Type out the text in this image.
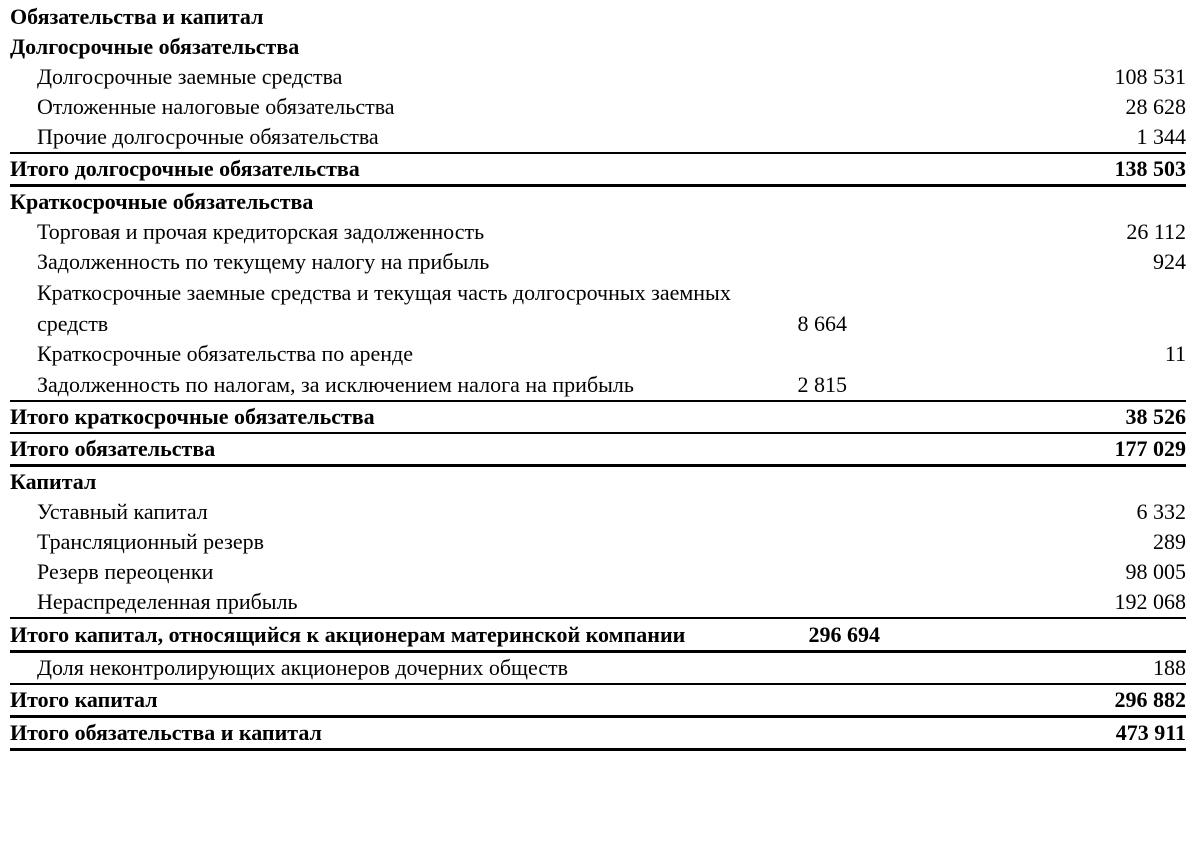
Обязательства и капитал
Долгосрочные обязательства
Долгосрочные заемные средства	108 531
Отложенные налоговые обязательства	28 628
Прочие долгосрочные обязательства	1 344
Итого долгосрочные обязательства	138 503
Краткосрочные обязательства
Торговая и прочая кредиторская задолженность	26 112
Задолженность по текущему налогу на прибыль	924
Краткосрочные заемные средства и текущая часть долгосрочных заемных средств	8 664
Краткосрочные обязательства по аренде	11
Задолженность по налогам, за исключением налога на прибыль	2 815
Итого краткосрочные обязательства	38 526
Итого обязательства	177 029
Капитал
Уставный капитал	6 332
Трансляционный резерв	289
Резерв переоценки	98 005
Нераспределенная прибыль	192 068
Итого капитал, относящийся к акционерам материнской компании	296 694
Доля неконтролирующих акционеров дочерних обществ	188
Итого капитал	296 882
Итого обязательства и капитал	473 911
